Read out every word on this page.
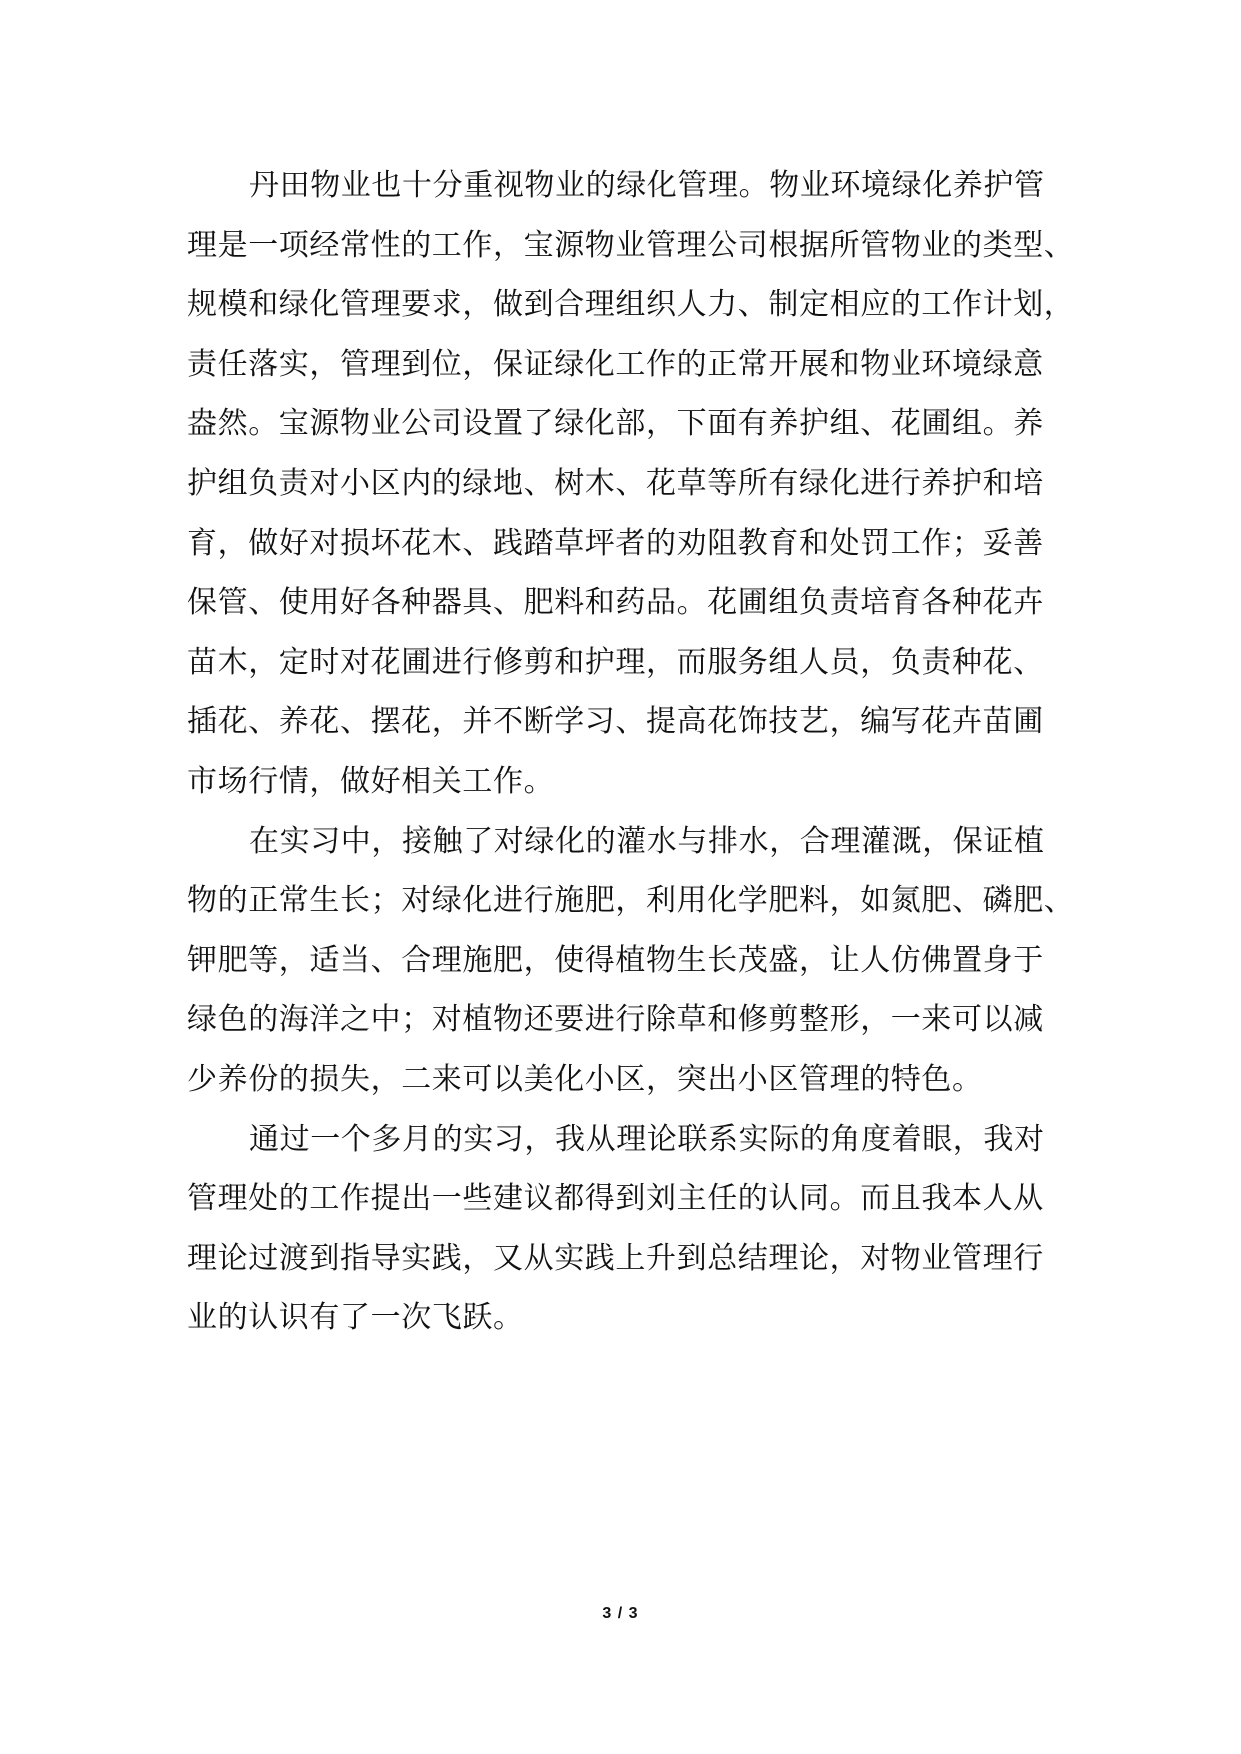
丹田物业也十分重视物业的绿化管理。物业环境绿化养护管
理是一项经常性的工作，宝源物业管理公司根据所管物业的类型、
规模和绿化管理要求，做到合理组织人力、制定相应的工作计划，
责任落实，管理到位，保证绿化工作的正常开展和物业环境绿意
盎然。宝源物业公司设置了绿化部，下面有养护组、花圃组。养
护组负责对小区内的绿地、树木、花草等所有绿化进行养护和培
育，做好对损坏花木、践踏草坪者的劝阻教育和处罚工作；妥善
保管、使用好各种器具、肥料和药品。花圃组负责培育各种花卉
苗木，定时对花圃进行修剪和护理，而服务组人员，负责种花、
插花、养花、摆花，并不断学习、提高花饰技艺，编写花卉苗圃
市场行情，做好相关工作。
在实习中，接触了对绿化的灌水与排水，合理灌溉，保证植
物的正常生长；对绿化进行施肥，利用化学肥料，如氮肥、磷肥、
钾肥等，适当、合理施肥，使得植物生长茂盛，让人仿佛置身于
绿色的海洋之中；对植物还要进行除草和修剪整形，一来可以减
少养份的损失，二来可以美化小区，突出小区管理的特色。
通过一个多月的实习，我从理论联系实际的角度着眼，我对
管理处的工作提出一些建议都得到刘主任的认同。而且我本人从
理论过渡到指导实践，又从实践上升到总结理论，对物业管理行
业的认识有了一次飞跃。
3 / 3
